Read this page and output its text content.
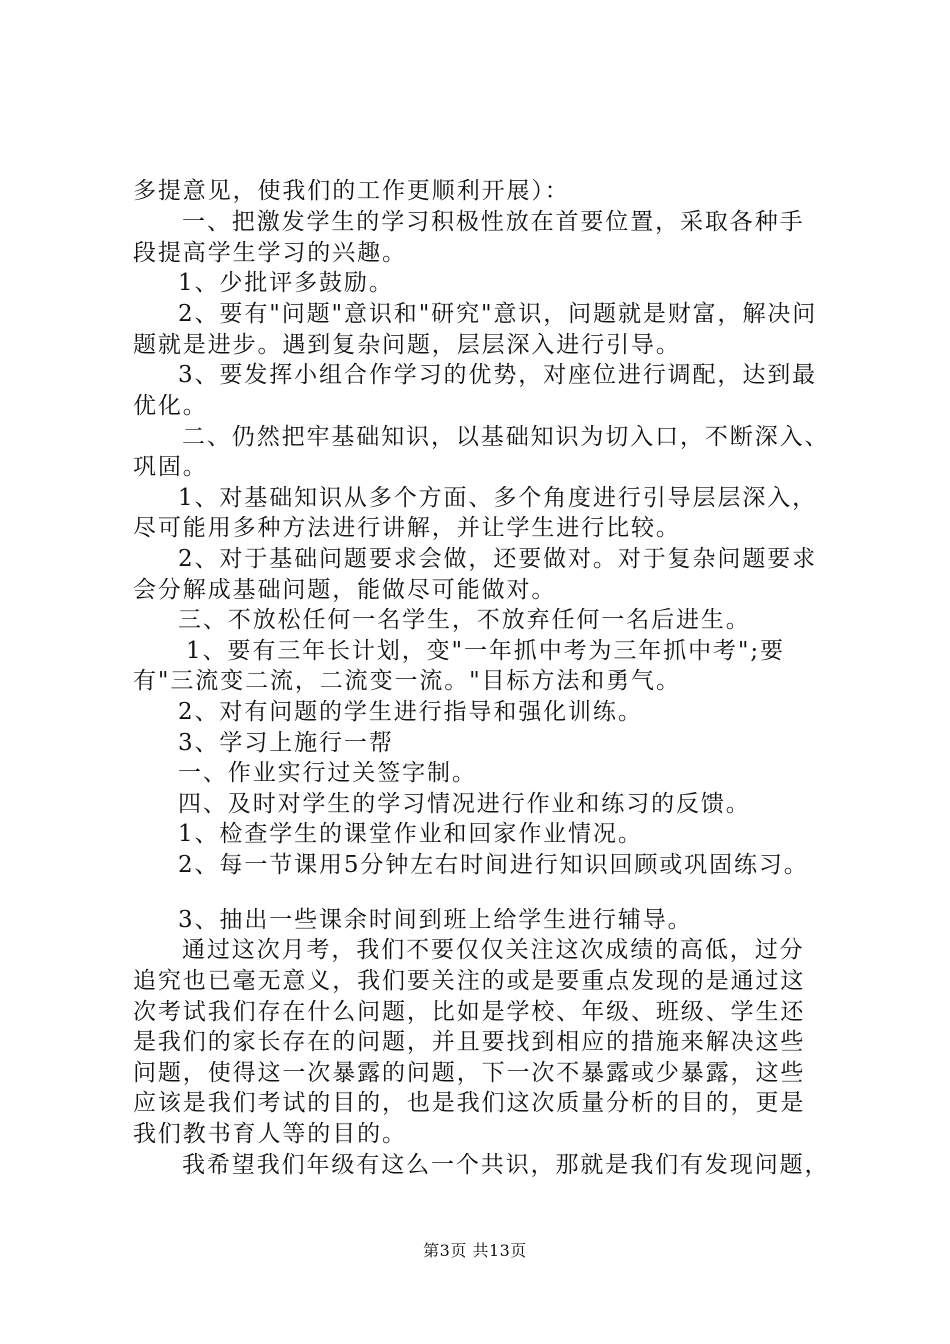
多提意见，使我们的工作更顺利开展）：
一、把激发学生的学习积极性放在首要位置，采取各种手
段提高学生学习的兴趣。
1、少批评多鼓励。
2、要有"问题"意识和"研究"意识，问题就是财富，解决问
题就是进步。遇到复杂问题，层层深入进行引导。
3、要发挥小组合作学习的优势，对座位进行调配，达到最
优化。
二、仍然把牢基础知识，以基础知识为切入口，不断深入、
巩固。
1、对基础知识从多个方面、多个角度进行引导层层深入，
尽可能用多种方法进行讲解，并让学生进行比较。
2、对于基础问题要求会做，还要做对。对于复杂问题要求
会分解成基础问题，能做尽可能做对。
三、不放松任何一名学生，不放弃任何一名后进生。
1、要有三年长计划，变"一年抓中考为三年抓中考";要
有"三流变二流，二流变一流。"目标方法和勇气。
2、对有问题的学生进行指导和强化训练。
3、学习上施行一帮
一、作业实行过关签字制。
四、及时对学生的学习情况进行作业和练习的反馈。
1、检查学生的课堂作业和回家作业情况。
2、每一节课用5分钟左右时间进行知识回顾或巩固练习。
3、抽出一些课余时间到班上给学生进行辅导。
通过这次月考，我们不要仅仅关注这次成绩的高低，过分
追究也已毫无意义，我们要关注的或是要重点发现的是通过这
次考试我们存在什么问题，比如是学校、年级、班级、学生还
是我们的家长存在的问题，并且要找到相应的措施来解决这些
问题，使得这一次暴露的问题，下一次不暴露或少暴露，这些
应该是我们考试的目的，也是我们这次质量分析的目的，更是
我们教书育人等的目的。
我希望我们年级有这么一个共识，那就是我们有发现问题，
第3页 共13页
